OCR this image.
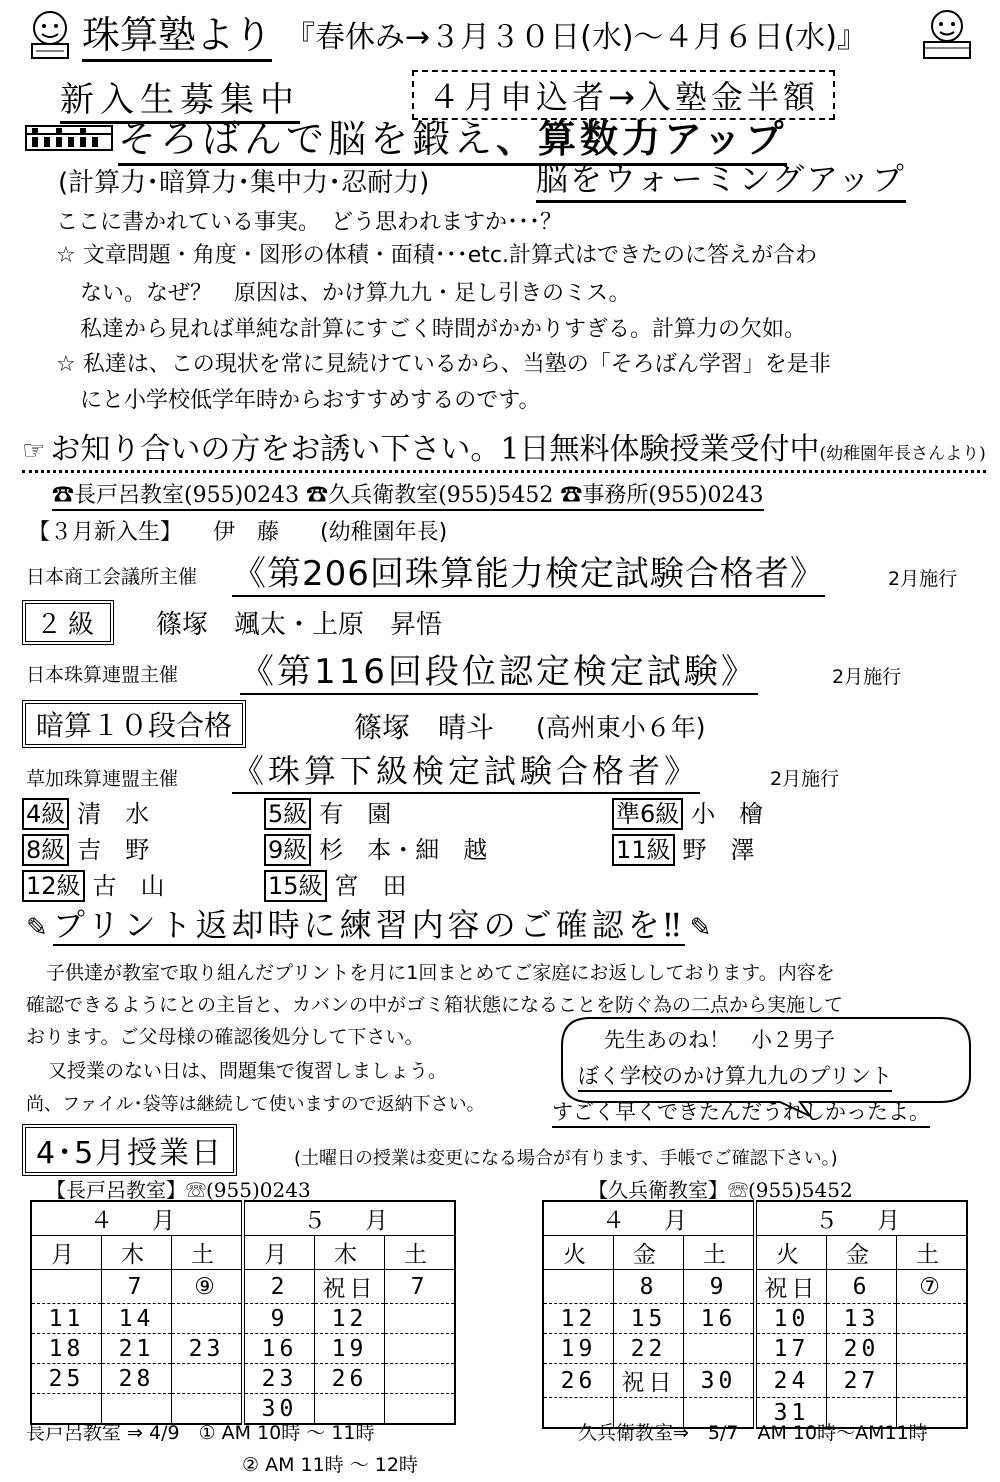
珠算塾より 『春休み→３月３０日(水)～４月６日(水)』
新入生募集中	４月申込者→入塾金半額
そろばんで脳を鍛え、算数力アップ
(計算力･暗算力･集中力･忍耐力)	脳をウォーミングアップ
ここに書かれている事実。　どう思われますか･･･？
☆ 文章問題・角度・図形の体積・面積･･･etc.計算式はできたのに答えが合わ
ない。なぜ？　原因は、かけ算九九・足し引きのミス。
私達から見れば単純な計算にすごく時間がかかりすぎる。計算力の欠如。
☆ 私達は、この現状を常に見続けているから、当塾の「そろばん学習」を是非
にと小学校低学年時からおすすめするのです。
☞ お知り合いの方をお誘い下さい。1日無料体験授業受付中(幼稚園年長さんより)
☎長戸呂教室(955)0243 ☎久兵衛教室(955)5452 ☎事務所(955)0243
【３月新入生】 伊　藤 (幼稚園年長)
日本商工会議所主催 《第206回珠算能力検定試験合格者》	2月施行
２級	篠塚　颯太・上原　昇悟
日本珠算連盟主催 《第116回段位認定検定試験》	2月施行
暗算１０段合格	篠塚　晴斗 (高州東小６年)
草加珠算連盟主催 《珠算下級検定試験合格者》	2月施行
4級 清　水	5級 有　園	準6級 小　檜
8級 吉　野	9級 杉　本・細　越	11級 野　澤
12級 古　山	15級 宮　田
✎ プリント返却時に練習内容のご確認を‼ ✎
子供達が教室で取り組んだプリントを月に1回まとめてご家庭にお返ししております。内容を
確認できるようにとの主旨と、カバンの中がゴミ箱状態になることを防ぐ為の二点から実施して
おります。ご父母様の確認後処分して下さい。
又授業のない日は、問題集で復習しましょう。
尚、ファイル･袋等は継続して使いますので返納下さい。
先生あのね！　小２男子
ぼく学校のかけ算九九のプリント
すごく早くできたんだうれしかったよ。
4･5月授業日	(土曜日の授業は変更になる場合が有ります、手帳でご確認下さい。)
【長戸呂教室】☏(955)0243	【久兵衛教室】☏(955)5452
４　月			５　月		
月	木	土	月	木	土
	7	⑨	2	祝日	7
11	14		9	12	
18	21	23	16	19	
25	28		23	26	
			30		
４　月			５　月		
火	金	土	火	金	土
	8	9	祝日	6	⑦
12	15	16	10	13	
19	22		17	20	
26	祝日	30	24	27	
			31		
長戸呂教室 ⇒ 4/9　① AM 10時 ～ 11時
② AM 11時 ～ 12時
久兵衛教室⇒　5/7　AM 10時～AM11時
